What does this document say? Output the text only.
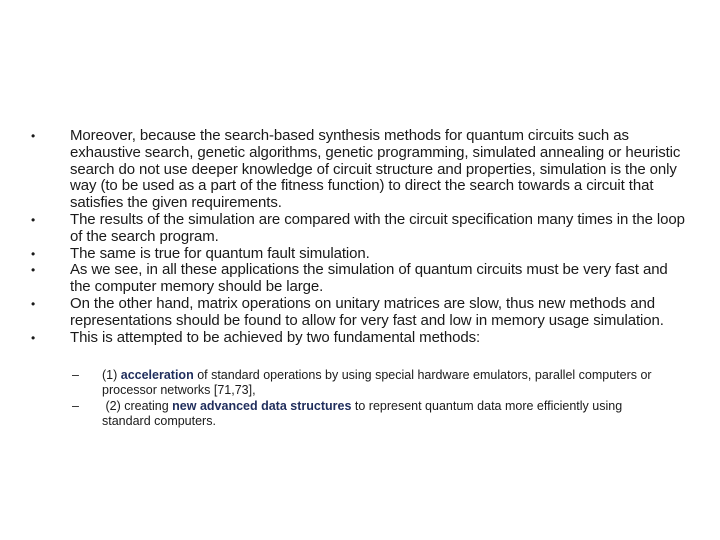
•	Moreover, because the search-based synthesis methods for quantum circuits such as exhaustive search, genetic algorithms, genetic programming, simulated annealing or heuristic search do not use deeper knowledge of circuit structure and properties, simulation is the only way (to be used as a part of the fitness function) to direct the search towards a circuit that satisfies the given requirements.
•	The results of the simulation are compared with the circuit specification many times in the loop of the search program.
•	The same is true for quantum fault simulation.
•	As we see, in all these applications the simulation of quantum circuits must be very fast and the computer memory should be large.
•	On the other hand, matrix operations on unitary matrices are slow, thus new methods and representations should be found to allow for very fast and low in memory usage simulation.
•	This is attempted to be achieved by two fundamental methods:
–	(1) acceleration of standard operations by using special hardware emulators, parallel computers or processor networks [71,73],
–	(2) creating new advanced data structures to represent quantum data more efficiently using standard computers.
